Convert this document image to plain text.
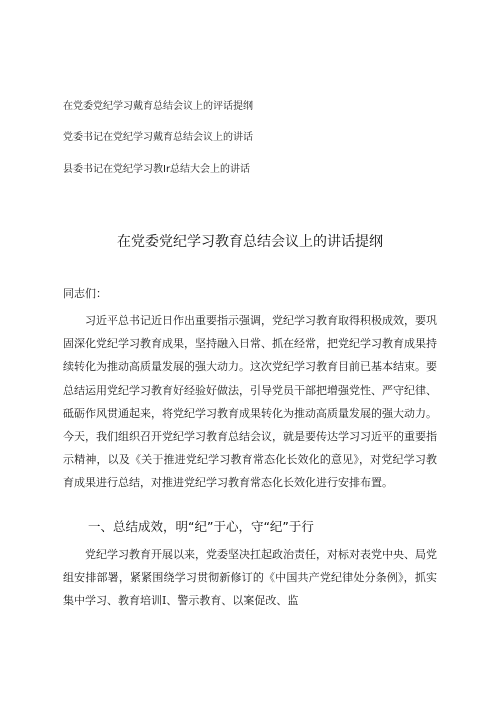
在党委党纪学习戴育总结会议上的评话提纲
党委书记在党纪学习戴育总结会议上的讲话
县委书记在党纪学习教Ir总结大会上的讲话
在党委党纪学习教育总结会议上的讲话提纲
同志们：

习近平总书记近日作出重要指示强调，党纪学习教育取得积极成效，要巩固深化党纪学习教育成果，坚持融入日常、抓在经常，把党纪学习教育成果持续转化为推动高质量发展的强大动力。这次党纪学习教育目前已基本结束。要总结运用党纪学习教育好经验好做法，引导党员干部把增强党性、严守纪律、砥砺作风贯通起来，将党纪学习教育成果转化为推动高质量发展的强大动力。今天，我们组织召开党纪学习教育总结会议，就是要传达学习习近平的重要指示精神，以及《关于推进党纪学习教育常态化长效化的意见》，对党纪学习教育成果进行总结，对推进党纪学习教育常态化长效化进行安排布置。

一、总结成效，明“纪”于心，守“纪”于行

党纪学习教育开展以来，党委坚决扛起政治责任，对标对表党中央、局党组安排部署，紧紧围绕学习贯彻新修订的《中国共产党纪律处分条例》，抓实集中学习、教育培训I、警示教育、以案促改、监
